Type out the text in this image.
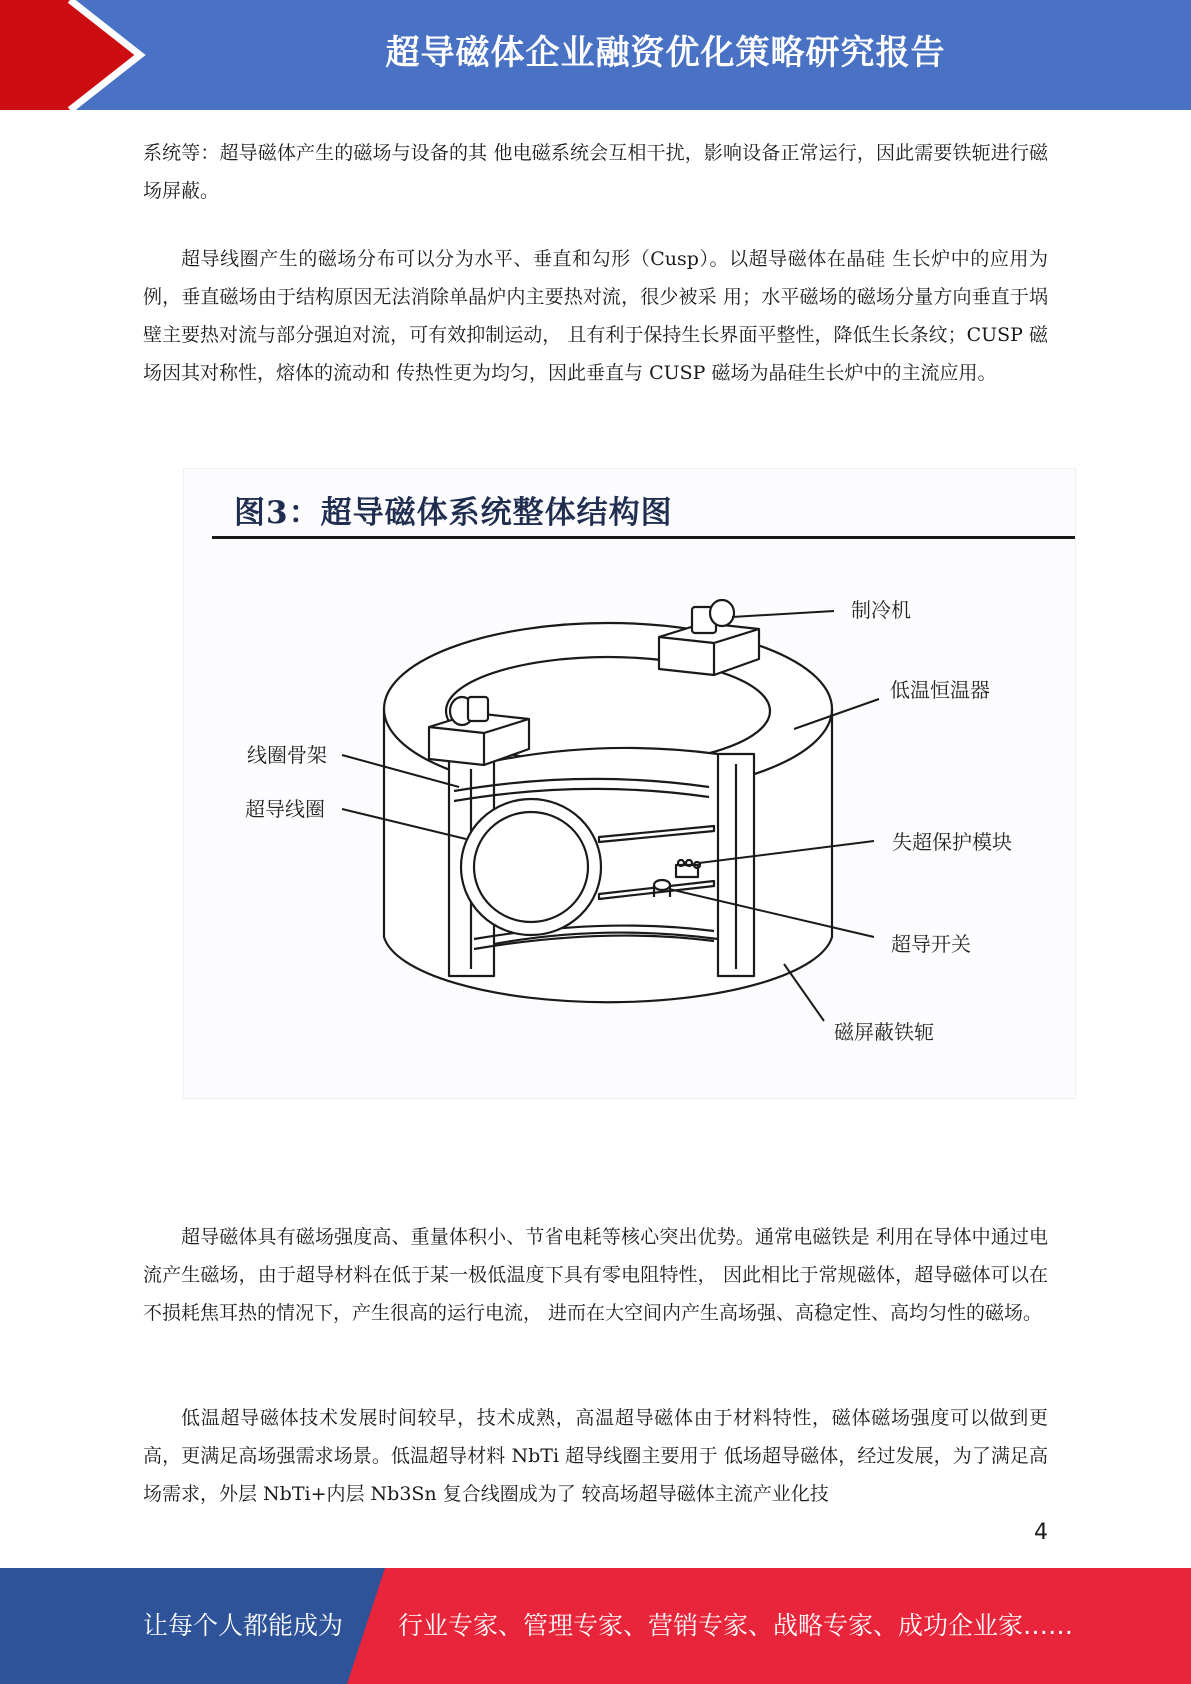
超导磁体企业融资优化策略研究报告

系统等：超导磁体产生的磁场与设备的其 他电磁系统会互相干扰，影响设备正常运行，因此需要铁轭进行磁场屏蔽。

超导线圈产生的磁场分布可以分为水平、垂直和勾形（Cusp）。以超导磁体在晶硅 生长炉中的应用为例，垂直磁场由于结构原因无法消除单晶炉内主要热对流，很少被采 用；水平磁场的磁场分量方向垂直于埚壁主要热对流与部分强迫对流，可有效抑制运动， 且有利于保持生长界面平整性，降低生长条纹；CUSP 磁场因其对称性，熔体的流动和 传热性更为均匀，因此垂直与 CUSP 磁场为晶硅生长炉中的主流应用。

图3：超导磁体系统整体结构图
制冷机
低温恒温器
线圈骨架
超导线圈
失超保护模块
超导开关
磁屏蔽铁轭

超导磁体具有磁场强度高、重量体积小、节省电耗等核心突出优势。通常电磁铁是 利用在导体中通过电流产生磁场，由于超导材料在低于某一极低温度下具有零电阻特性， 因此相比于常规磁体，超导磁体可以在不损耗焦耳热的情况下，产生很高的运行电流， 进而在大空间内产生高场强、高稳定性、高均匀性的磁场。

低温超导磁体技术发展时间较早，技术成熟，高温超导磁体由于材料特性，磁体磁场强度可以做到更高，更满足高场强需求场景。低温超导材料 NbTi 超导线圈主要用于 低场超导磁体，经过发展，为了满足高场需求，外层 NbTi+内层 Nb3Sn 复合线圈成为了 较高场超导磁体主流产业化技

4
让每个人都能成为 行业专家、管理专家、营销专家、战略专家、成功企业家……
